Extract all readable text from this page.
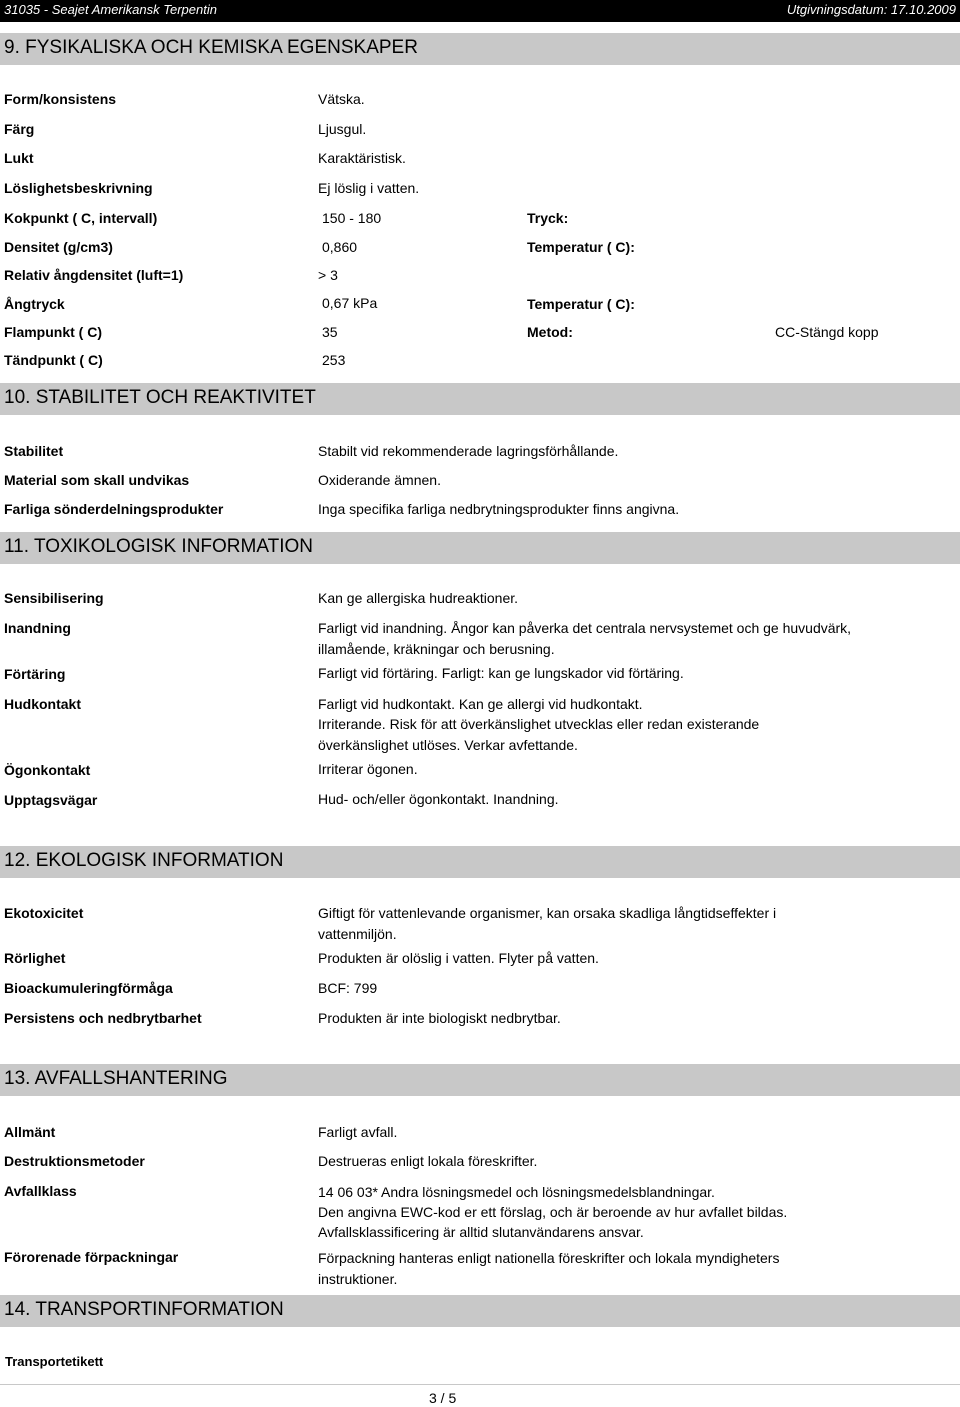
31035 - Seajet Amerikansk Terpentin	Utgivningsdatum: 17.10.2009
9. FYSIKALISKA OCH KEMISKA EGENSKAPER
Form/konsistens	Vätska.
Färg	Ljusgul.
Lukt	Karaktäristisk.
Löslighetsbeskrivning	Ej löslig i vatten.
Kokpunkt ( C, intervall)	150 - 180	Tryck:
Densitet (g/cm3)	0,860	Temperatur ( C):
Relativ ångdensitet (luft=1)	> 3
Ångtryck	0,67 kPa	Temperatur ( C):
Flampunkt ( C)	35	Metod:	CC-Stängd kopp
Tändpunkt ( C)	253
10. STABILITET OCH REAKTIVITET
Stabilitet	Stabilt vid rekommenderade lagringsförhållande.
Material som skall undvikas	Oxiderande ämnen.
Farliga sönderdelningsprodukter	Inga specifika farliga nedbrytningsprodukter finns angivna.
11. TOXIKOLOGISK INFORMATION
Sensibilisering	Kan ge allergiska hudreaktioner.
Inandning	Farligt vid inandning. Ångor kan påverka det centrala nervsystemet och ge huvudvärk, illamående, kräkningar och berusning.
Förtäring	Farligt vid förtäring. Farligt: kan ge lungskador vid förtäring.
Hudkontakt	Farligt vid hudkontakt. Kan ge allergi vid hudkontakt.
Irriterande. Risk för att överkänslighet utvecklas eller redan existerande överkänslighet utlöses. Verkar avfettande.
Ögonkontakt	Irriterar ögonen.
Upptagsvägar	Hud- och/eller ögonkontakt. Inandning.
12. EKOLOGISK INFORMATION
Ekotoxicitet	Giftigt för vattenlevande organismer, kan orsaka skadliga långtidseffekter i vattenmiljön.
Rörlighet	Produkten är olöslig i vatten. Flyter på vatten.
Bioackumuleringförmåga	BCF: 799
Persistens och nedbrytbarhet	Produkten är inte biologiskt nedbrytbar.
13. AVFALLSHANTERING
Allmänt	Farligt avfall.
Destruktionsmetoder	Destrueras enligt lokala föreskrifter.
Avfallklass	14 06 03* Andra lösningsmedel och lösningsmedelsblandningar.
Den angivna EWC-kod er ett förslag, och är beroende av hur avfallet bildas.
Avfallsklassificering är alltid slutanvändarens ansvar.
Förorenade förpackningar	Förpackning hanteras enligt nationella föreskrifter och lokala myndigheters instruktioner.
14. TRANSPORTINFORMATION
Transportetikett
3 / 5
